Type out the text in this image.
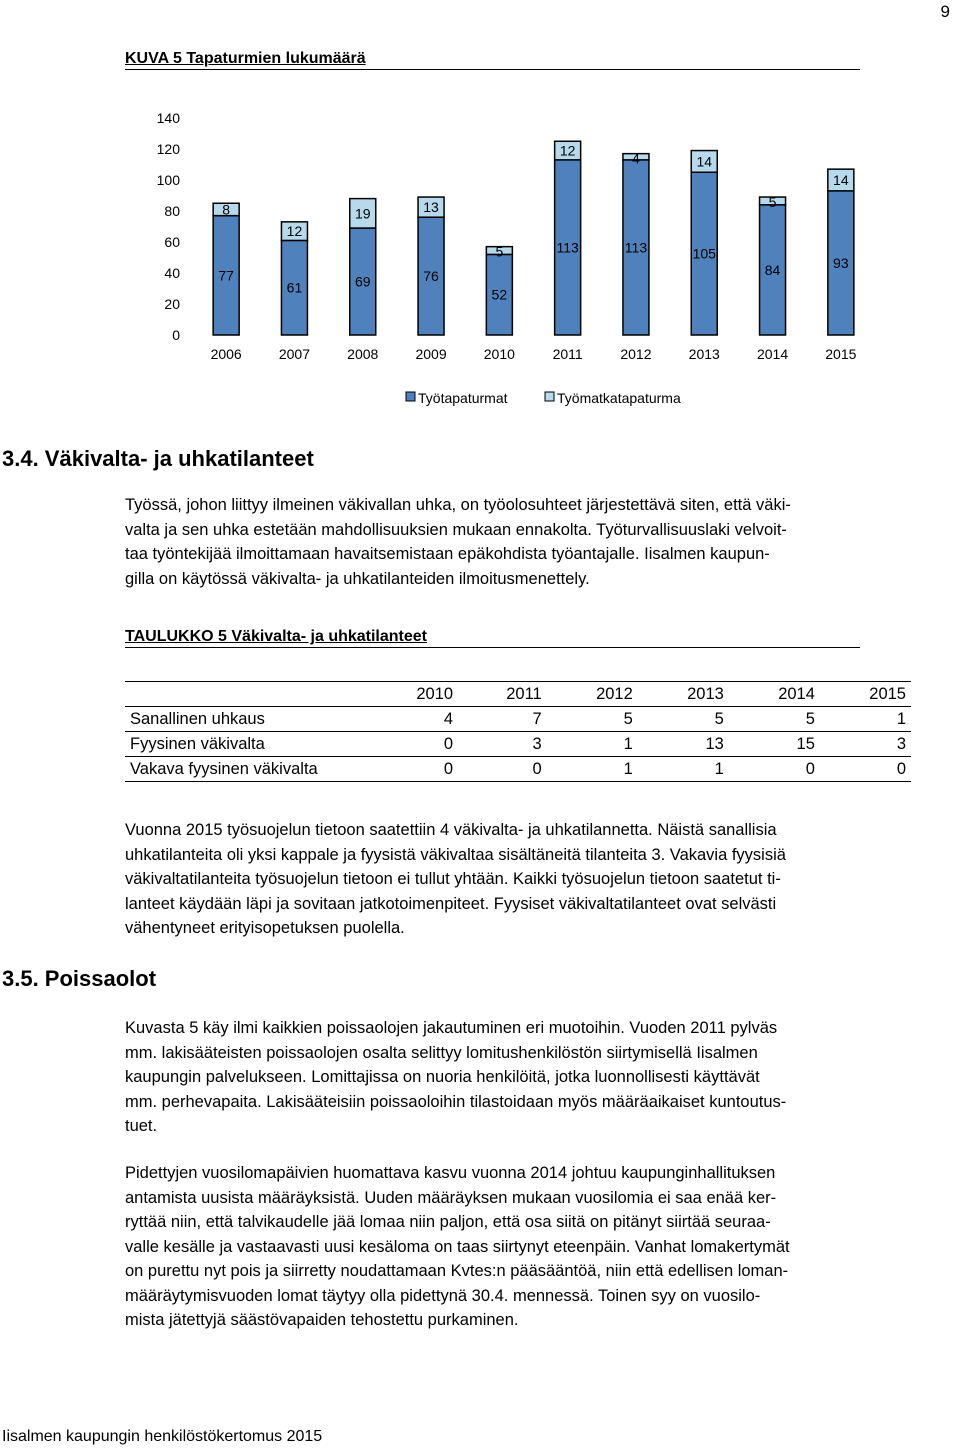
9
KUVA 5 Tapaturmien lukumäärä
0
20
40
60
80
100
120
140
77
8
2006
61
12
2007
69
19
2008
76
13
2009
52
5
2010
113
12
2011
113
4
2012
105
14
2013
84
5
2014
93
14
2015
Työtapaturmat	Työmatkatapaturma
3.4. Väkivalta- ja uhkatilanteet

Työssä, johon liittyy ilmeinen väkivallan uhka, on työolosuhteet järjestettävä siten, että väki-

valta ja sen uhka estetään mahdollisuuksien mukaan ennakolta. Työturvallisuuslaki velvoit-

taa työntekijää ilmoittamaan havaitsemistaan epäkohdista työantajalle. Iisalmen kaupun-

gilla on käytössä väkivalta- ja uhkatilanteiden ilmoitusmenettely.

TAULUKKO 5 Väkivalta- ja uhkatilanteet
	2010	2011	2012	2013	2014	2015
Sanallinen uhkaus	4	7	5	5	5	1
Fyysinen väkivalta	0	3	1	13	15	3
Vakava fyysinen väkivalta	0	0	1	1	0	0

Vuonna 2015 työsuojelun tietoon saatettiin 4 väkivalta- ja uhkatilannetta. Näistä sanallisia

uhkatilanteita oli yksi kappale ja fyysistä väkivaltaa sisältäneitä tilanteita 3. Vakavia fyysisiä

väkivaltatilanteita työsuojelun tietoon ei tullut yhtään. Kaikki työsuojelun tietoon saatetut ti-

lanteet käydään läpi ja sovitaan jatkotoimenpiteet. Fyysiset väkivaltatilanteet ovat selvästi

vähentyneet erityisopetuksen puolella.

3.5. Poissaolot

Kuvasta 5 käy ilmi kaikkien poissaolojen jakautuminen eri muotoihin. Vuoden 2011 pylväs

mm. lakisääteisten poissaolojen osalta selittyy lomitushenkilöstön siirtymisellä Iisalmen

kaupungin palvelukseen. Lomittajissa on nuoria henkilöitä, jotka luonnollisesti käyttävät

mm. perhevapaita. Lakisääteisiin poissaoloihin tilastoidaan myös määräaikaiset kuntoutus-

tuet.

Pidettyjen vuosilomapäivien huomattava kasvu vuonna 2014 johtuu kaupunginhallituksen

antamista uusista määräyksistä. Uuden määräyksen mukaan vuosilomia ei saa enää ker-

ryttää niin, että talvikaudelle jää lomaa niin paljon, että osa siitä on pitänyt siirtää seuraa-

valle kesälle ja vastaavasti uusi kesäloma on taas siirtynyt eteenpäin. Vanhat lomakertymät

on purettu nyt pois ja siirretty noudattamaan Kvtes:n pääsääntöä, niin että edellisen loman-

määräytymisvuoden lomat täytyy olla pidettynä 30.4. mennessä. Toinen syy on vuosilo-

mista jätettyjä säästövapaiden tehostettu purkaminen.

Iisalmen kaupungin henkilöstökertomus 2015
